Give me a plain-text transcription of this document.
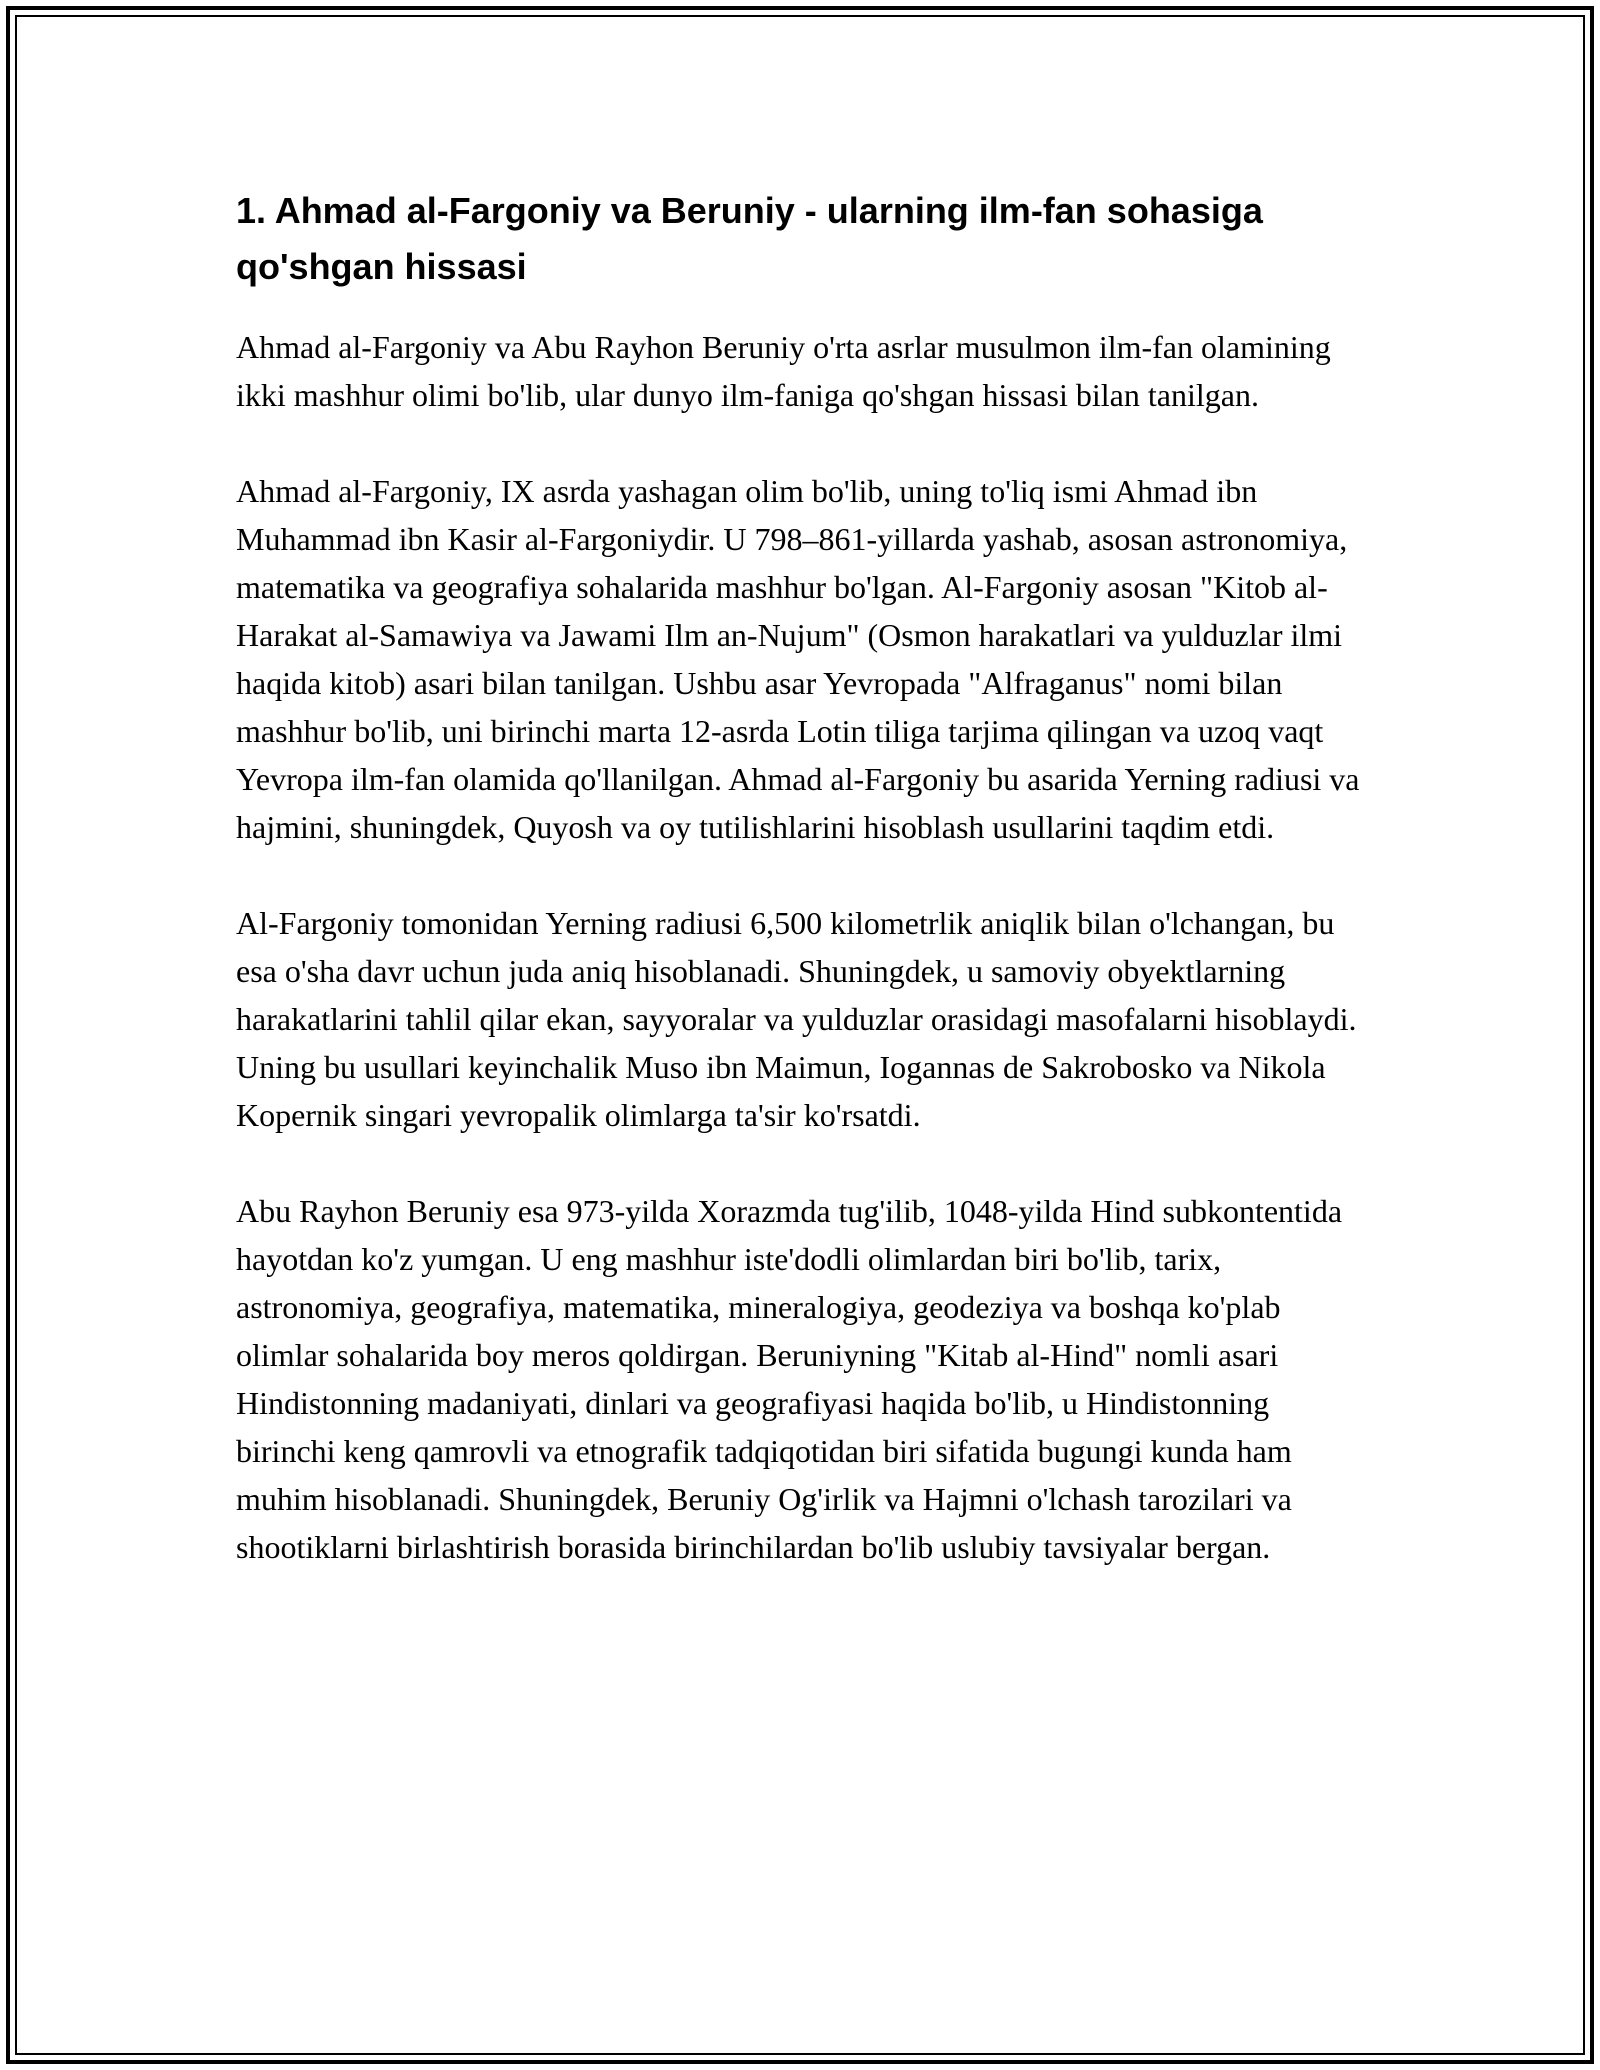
1. Ahmad al-Fargoniy va Beruniy - ularning ilm-fan sohasiga qo'shgan hissasi

Ahmad al-Fargoniy va Abu Rayhon Beruniy o'rta asrlar musulmon ilm-fan olamining ikki mashhur olimi bo'lib, ular dunyo ilm-faniga qo'shgan hissasi bilan tanilgan.

Ahmad al-Fargoniy, IX asrda yashagan olim bo'lib, uning to'liq ismi Ahmad ibn Muhammad ibn Kasir al-Fargoniydir. U 798–861-yillarda yashab, asosan astronomiya, matematika va geografiya sohalarida mashhur bo'lgan. Al-Fargoniy asosan "Kitob al-Harakat al-Samawiya va Jawami Ilm an-Nujum" (Osmon harakatlari va yulduzlar ilmi haqida kitob) asari bilan tanilgan. Ushbu asar Yevropada "Alfraganus" nomi bilan mashhur bo'lib, uni birinchi marta 12-asrda Lotin tiliga tarjima qilingan va uzoq vaqt Yevropa ilm-fan olamida qo'llanilgan. Ahmad al-Fargoniy bu asarida Yerning radiusi va hajmini, shuningdek, Quyosh va oy tutilishlarini hisoblash usullarini taqdim etdi.

Al-Fargoniy tomonidan Yerning radiusi 6,500 kilometrlik aniqlik bilan o'lchangan, bu esa o'sha davr uchun juda aniq hisoblanadi. Shuningdek, u samoviy obyektlarning harakatlarini tahlil qilar ekan, sayyoralar va yulduzlar orasidagi masofalarni hisoblaydi. Uning bu usullari keyinchalik Muso ibn Maimun, Iogannas de Sakrobosko va Nikola Kopernik singari yevropalik olimlarga ta'sir ko'rsatdi.

Abu Rayhon Beruniy esa 973-yilda Xorazmda tug'ilib, 1048-yilda Hind subkontentida hayotdan ko'z yumgan. U eng mashhur iste'dodli olimlardan biri bo'lib, tarix, astronomiya, geografiya, matematika, mineralogiya, geodeziya va boshqa ko'plab olimlar sohalarida boy meros qoldirgan. Beruniyning "Kitab al-Hind" nomli asari Hindistonning madaniyati, dinlari va geografiyasi haqida bo'lib, u Hindistonning birinchi keng qamrovli va etnografik tadqiqotidan biri sifatida bugungi kunda ham muhim hisoblanadi. Shuningdek, Beruniy Og'irlik va Hajmni o'lchash tarozilari va shootiklarni birlashtirish borasida birinchilardan bo'lib uslubiy tavsiyalar bergan.
